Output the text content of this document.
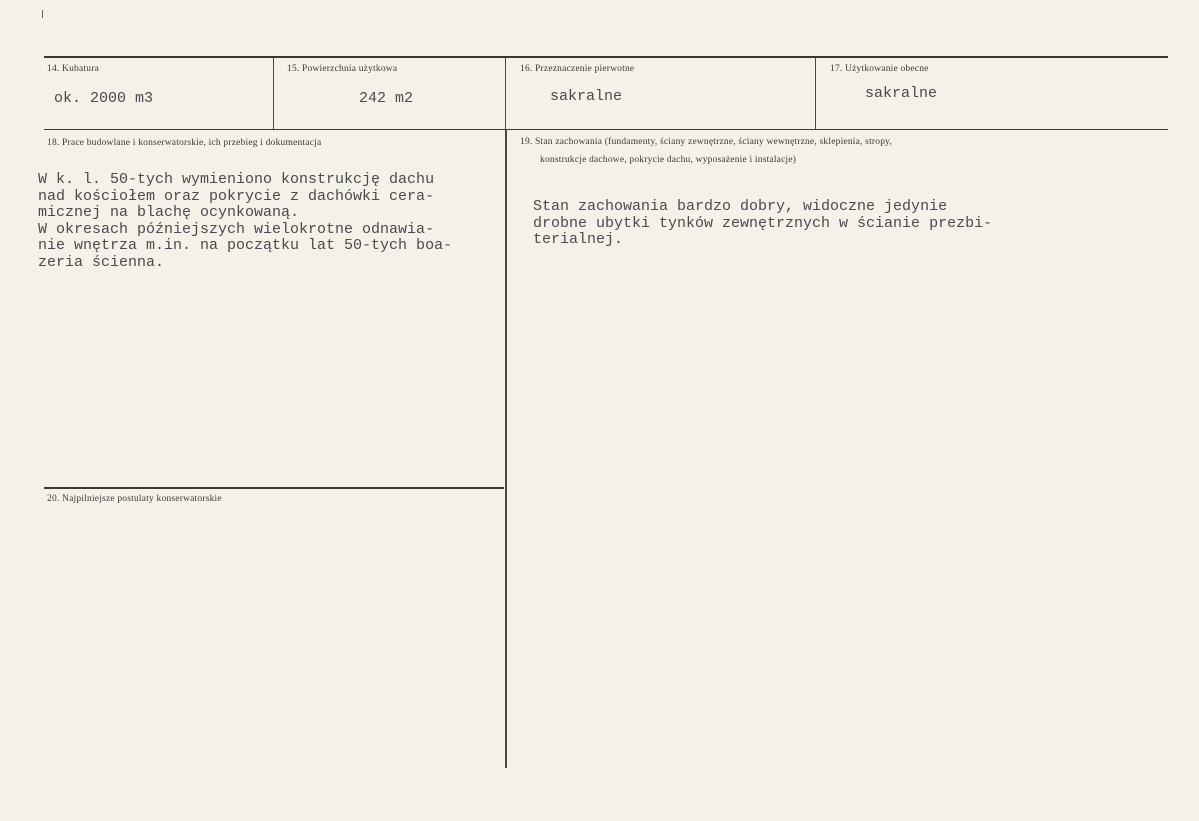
14. Kubatura
ok. 2000 m3
15. Powierzchnia użytkowa
242 m2
16. Przeznaczenie pierwotne
sakralne
17. Użytkowanie obecne
sakralne
18. Prace budowlane i konserwatorskie, ich przebieg i dokumentacja
W k. l. 50-tych wymieniono konstrukcję dachu
nad kościołem oraz pokrycie z dachówki cera-
micznej na blachę ocynkowaną.
W okresach późniejszych wielokrotne odnawia-
nie wnętrza m.in. na początku lat 50-tych boa-
zeria ścienna.
19. Stan zachowania (fundamenty, ściany zewnętrzne, ściany wewnętrzne, sklepienia, stropy,
konstrukcje dachowe, pokrycie dachu, wyposażenie i instalacje)
Stan zachowania bardzo dobry, widoczne jedynie
drobne ubytki tynków zewnętrznych w ścianie prezbi-
terialnej.
20. Najpilniejsze postulaty konserwatorskie
